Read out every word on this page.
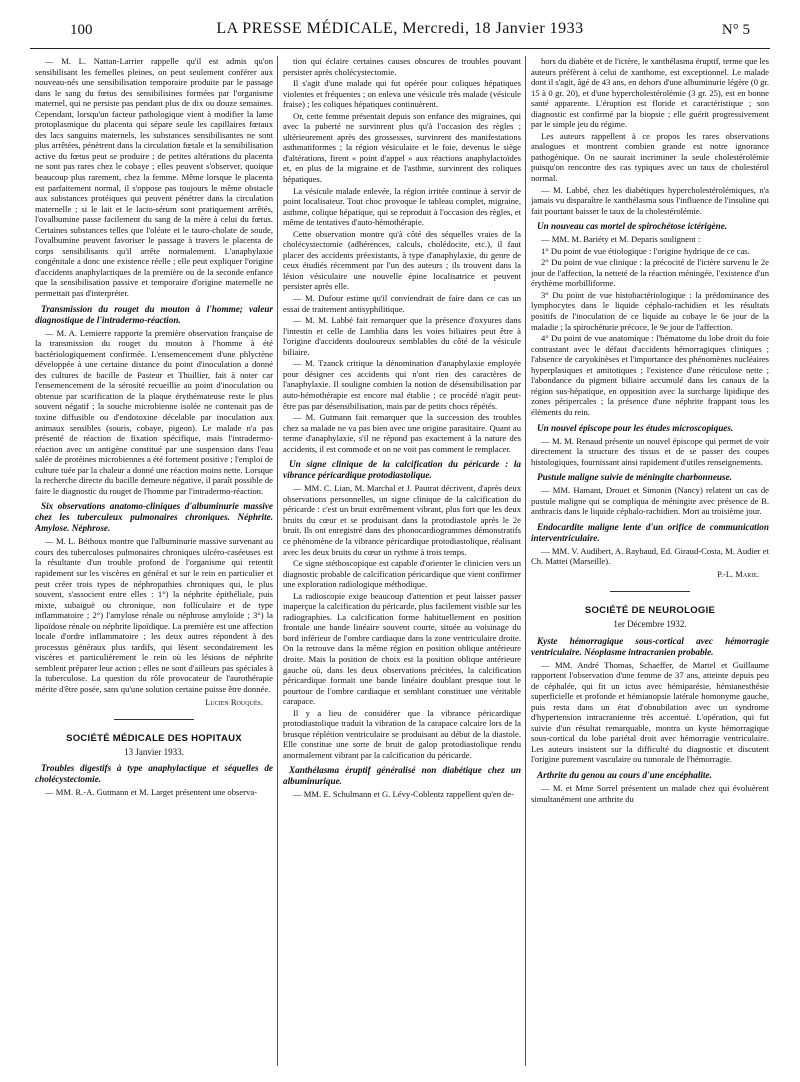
100	LA PRESSE MÉDICALE, Mercredi, 18 Janvier 1933	N° 5

— M. L. Nattan-Larrier rappelle qu'il est admis qu'on sensibilisant les femelles pleines, on peut seulement conférer aux nouveau-nés une sensibilisation temporaire produite par le passage dans le sang du fœtus des sensibilisines formées par l'organisme maternel, qui ne persiste pas pendant plus de dix ou douze semaines. Cependant, lorsqu'un facteur pathologique vient à modifier la lame protoplasmique du placenta qui sépare seule les capillaires fœtaux des lacs sanguins maternels, les substances sensibilisantes ne sont plus arrêtées, pénètrent dans la circulation fœtale et la sensibilisation active du fœtus peut se produire ; de petites altérations du placenta ne sont pas rares chez le cobaye ; elles peuvent s'observer, quoique beaucoup plus rarement, chez la femme. Même lorsque le placenta est parfaitement normal, il s'oppose pas toujours le même obstacle aux substances protéiques qui peuvent pénétrer dans la circulation maternelle ; si le lait et le lacto-sérum sont pratiquement arrêtés, l'ovalbumine passe facilement du sang de la mère à celui du fœtus. Certaines substances telles que l'oléate et le tauro-cholate de soude, l'ovalbumine peuvent favoriser le passage à travers le placenta de corps sensibilisants qu'il arrête normalement. L'anaphylaxie congénitale a donc une existence réelle ; elle peut expliquer l'origine d'accidents anaphylactiques de la première ou de la seconde enfance que la sensibilisation passive et temporaire d'origine maternelle ne permettait pas d'interpréter.

Transmission du rouget du mouton à l'homme; valeur diagnostique de l'intradermo-réaction.

— M. A. Lemierre rapporte la première observation française de la transmission du rouget du mouton à l'homme à été bactériologiquement confirmée. L'ensemencement d'une phlyctène développée à une certaine distance du point d'inoculation a donné des cultures de bacille de Pasteur et Thuillier, fait à noter car l'ensemencement de la sérosité recueillie au point d'inoculation ou obtenue par scarification de la plaque érythémateuse reste le plus souvent négatif ; la souche microbienne isolée ne contenait pas de toxine diffusible ou d'endotoxine décelable par inoculation aux animaux sensibles (souris, cobaye, pigeon). Le malade n'a pas présenté de réaction de fixation spécifique, mais l'intradermo-réaction avec un antigène constitué par une suspension dans l'eau salée de protéines microbiennes a été fortement positive ; l'emploi de culture tuée par la chaleur a donné une réaction moins nette. Lorsque la recherche directe du bacille demeure négative, il paraît possible de faire le diagnostic du rouget de l'homme par l'intradermo-réaction.

Six observations anatomo-cliniques d'albuminurie massive chez les tuberculeux pulmonaires chroniques. Néphrite. Amylose. Néphrose.

— M. L. Béthoux montre que l'albuminurie massive survenant au cours des tuberculoses pulmonaires chroniques ulcéro-caséeuses est la résultante d'un trouble profond de l'organisme qui retentit rapidement sur les viscères en général et sur le rein en particulier et peut créer trois types de néphropathies chroniques qui, le plus souvent, s'associent entre elles : 1°) la néphrite épithéliale, puis mixte, subaiguë ou chronique, non folliculaire et de type inflammatoire ; 2°) l'amylose rénale ou néphrose amyloïde ; 3°) la lipoïdose rénale ou néphrite lipoïdique. La première est une affection locale d'ordre inflammatoire ; les deux autres répondent à des processus généraux plus tardifs, qui lèsent secondairement les viscères et particulièrement le rein où les lésions de néphrite semblent préparer leur action ; elles ne sont d'ailleurs pas spéciales à la tuberculose. La question du rôle provocateur de l'aurothérapie mérite d'être posée, sans qu'une solution certaine puisse être donnée.

Lucien Rouquès.
SOCIÉTÉ MÉDICALE DES HOPITAUX
13 Janvier 1933.
Troubles digestifs à type anaphylactique et séquelles de cholécystectomie.

— MM. R.-A. Gutmann et M. Larget présentent une observa-

tion qui éclaire certaines causes obscures de troubles pouvant persister après cholécystectomie.

Il s'agit d'une malade qui fut opérée pour coliques hépatiques violentes et fréquentes ; on enleva une vésicule très malade (vésicule fraise) ; les coliques hépatiques continuèrent.

Or, cette femme présentait depuis son enfance des migraines, qui avec la puberté ne survinrent plus qu'à l'occasion des règles ; ultérieurement après des grossesses, survinrent des manifestations asthmatiformes ; la région vésiculaire et le foie, devenus le siège d'altérations, firent « point d'appel » aux réactions anaphylactoïdes et, en plus de la migraine et de l'asthme, survinrent des coliques hépatiques.

La vésicule malade enlevée, la région irritée continue à servir de point localisateur. Tout choc provoque le tableau complet, migraine, asthme, colique hépatique, qui se reproduit à l'occasion des règles, et même de tentatives d'auto-hémothérapie.

Cette observation montre qu'à côté des séquelles vraies de la cholécystectomie (adhérences, calculs, cholédocite, etc.), il faut placer des accidents préexistants, à type d'anaphylaxie, du genre de ceux étudiés récemment par l'un des auteurs ; ils trouvent dans la lésion vésiculaire une nouvelle épine localisatrice et peuvent persister après elle.

— M. Dufour estime qu'il conviendrait de faire dans ce cas un essai de traitement antisyphilitique.

— M. M. Labbé fait remarquer que la présence d'oxyures dans l'intestin et celle de Lamblia dans les voies biliaires peut être à l'origine d'accidents douloureux semblables du côté de la vésicule biliaire.

— M. Tzanck critique la dénomination d'anaphylaxie employée pour désigner ces accidents qui n'ont rien des caractères de l'anaphylaxie. Il souligne combien la notion de désensibilisation par auto-hémothérapie est encore mal établie ; ce procédé n'agit peut-être pas par désensibilisation, mais par de petits chocs répétés.

— M. Gutmann fait remarquer que la succession des troubles chez sa malade ne va pas bien avec une origine parasitaire. Quant au terme d'anaphylaxie, s'il ne répond pas exactement à la nature des accidents, il est commode et on ne voit pas comment le remplacer.

Un signe clinique de la calcification du péricarde : la vibrance péricardique protodiastolique.

— MM. C. Lian, M. Marchal et J. Pautrat décrivent, d'après deux observations personnelles, un signe clinique de la calcification du péricarde : c'est un bruit extrêmement vibrant, plus fort que les deux bruits du cœur et se produisant dans la protodiastole après le 2e bruit. Ils ont enregistré dans des phonocardiogrammes démonstratifs ce phénomène de la vibrance péricardique protodiastolique, réalisant avec les deux bruits du cœur un rythme à trois temps.

Ce signe stéthoscopique est capable d'orienter le clinicien vers un diagnostic probable de calcification péricardique que vient confirmer une exploration radiologique méthodique.

La radioscopie exige beaucoup d'attention et peut laisser passer inaperçue la calcification du péricarde, plus facilement visible sur les radiographies. La calcification forme habituellement en position frontale une bande linéaire souvent courte, située au voisinage du bord inférieur de l'ombre cardiaque dans la zone ventriculaire droite. On la retrouve dans la même région en position oblique antérieure droite. Mais la position de choix est la position oblique antérieure gauche où, dans les deux observations précitées, la calcification péricardique formait une bande linéaire doublant presque tout le pourtour de l'ombre cardiaque et semblant constituer une véritable carapace.

Il y a lieu de considérer que la vibrance péricardique protodiastolique traduit la vibration de la carapace calcaire lors de la brusque réplétion ventriculaire se produisant au début de la diastole. Elle constitue une sorte de bruit de galop protodiastolique rendu anormalement vibrant par la calcification du péricarde.

Xanthélasma éruptif généralisé non diabétique chez un albuminurique.

— MM. E. Schulmann et G. Lévy-Coblentz rappellent qu'en de-

hors du diabète et de l'ictère, le xanthélasma éruptif, terme que les auteurs préfèrent à celui de xanthome, est exceptionnel. Le malade dont il s'agit, âgé de 43 ans, en dehors d'une albuminurie légère (0 gr. 15 à 0 gr. 20), et d'une hypercholestérolémie (3 gr. 25), est en bonne santé apparente. L'éruption est floride et caractéristique ; son diagnostic est confirmé par la biopsie ; elle guérit progressivement par le simple jeu du régime.

Les auteurs rappellent à ce propos les rares observations analogues et montrent combien grande est notre ignorance pathogénique. On ne saurait incriminer la seule cholestérolémie puisqu'on rencontre des cas typiques avec un taux de cholestérol normal.

— M. Labbé, chez les diabétiques hypercholestérolémiques, n'a jamais vu disparaître le xanthélasma sous l'influence de l'insuline qui fait pourtant baisser le taux de la cholestérolémie.

Un nouveau cas mortel de spirochétose ictérigène.

— MM. M. Bariéty et M. Deparis soulignent :

1° Du point de vue étiologique : l'origine hydrique de ce cas.

2° Du point de vue clinique : la précocité de l'ictère survenu le 2e jour de l'affection, la netteté de la réaction méningée, l'existence d'un érythème morbilliforme.

3° Du point de vue histobactériologique : la prédominance des lymphocytes dans le liquide céphalo-rachidien et les résultats positifs de l'inoculation de ce liquide au cobaye le 6e jour de la maladie ; la spirochéturie précoce, le 9e jour de l'affection.

4° Du point de vue anatomique : l'hématome du lobe droit du foie contrastant avec le défaut d'accidents hémorragiques cliniques ; l'absence de caryokinèses et l'importance des phénomènes nucléaires hyperplasiques et amitotiques ; l'existence d'une réticulose nette ; l'abondance du pigment biliaire accumulé dans les canaux de la région sus-hépatique, en opposition avec la surcharge lipidique des zones péripercales ; la présence d'une néphrite frappant tous les éléments du rein.

Un nouvel épiscope pour les études microscopiques.

— M. M. Renaud présente un nouvel épiscope qui permet de voir directement la structure des tissus et de se passer des coupes histologiques, fournissant ainsi rapidement d'utiles renseignements.

Pustule maligne suivie de méningite charbonneuse.

— MM. Hamant, Drouet et Simonin (Nancy) relatent un cas de pustule maligne qui se compliqua de méningite avec présence de B. anthracis dans le liquide céphalo-rachidien. Mort au troisième jour.

Endocardite maligne lente d'un orifice de communication interventriculaire.

— MM. V. Audibert, A. Raybaud, Ed. Giraud-Costa, M. Audier et Ch. Mattei (Marseille).

P.-L. Marie.
SOCIÉTÉ DE NEUROLOGIE
1er Décembre 1932.
Kyste hémorragique sous-cortical avec hémorragie ventriculaire. Néoplasme intracranien probable.

— MM. André Thomas, Schaeffer, de Martel et Guillaume rapportent l'observation d'une femme de 37 ans, atteinte depuis peu de céphalée, qui fit un ictus avec hémiparésie, hémianesthésie superficielle et profonde et hémianopsie latérale homonyme gauche, puis resta dans un état d'obnubilation avec un syndrome d'hypertension intracranienne très accentué. L'opération, qui fut suivie d'un résultat remarquable, montra un kyste hémorragique sous-cortical du lobe pariétal droit avec hémorragie ventriculaire. Les auteurs insistent sur la difficulté du diagnostic et discutent l'origine purement vasculaire ou tumorale de l'hémorragie.

Arthrite du genou au cours d'une encéphalite.

— M. et Mme Sorrel présentent un malade chez qui évoluèrent simultanément une arthrite du
